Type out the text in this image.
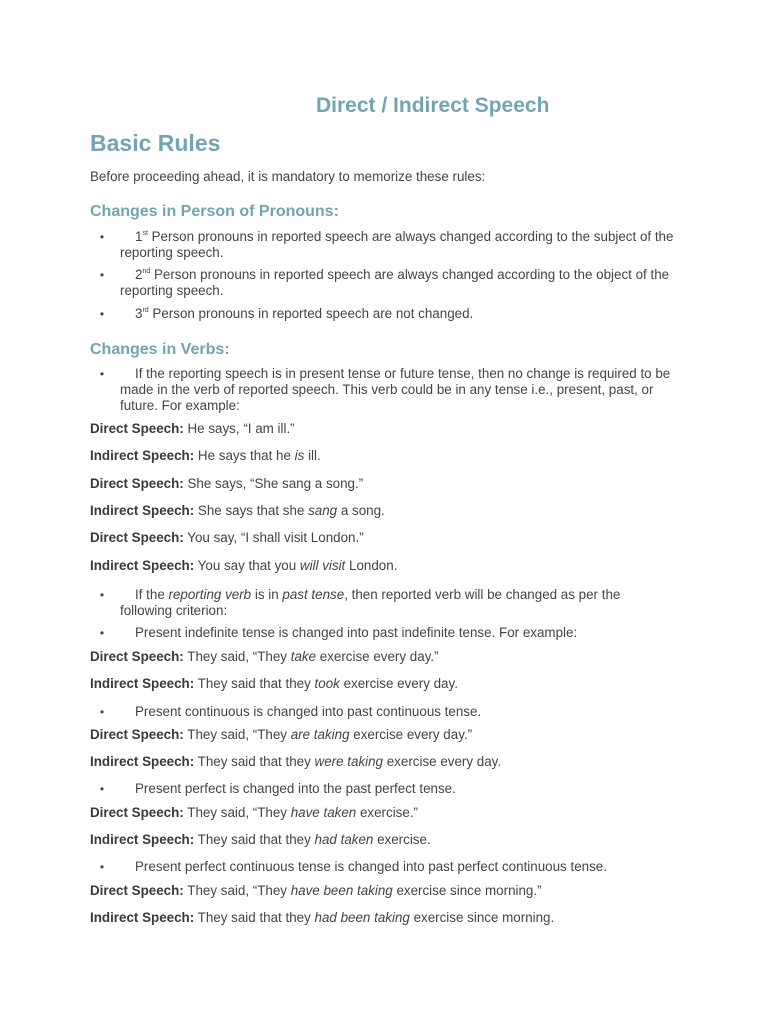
Direct / Indirect Speech
Basic Rules
Before proceeding ahead, it is mandatory to memorize these rules:
Changes in Person of Pronouns:
• 1st Person pronouns in reported speech are always changed according to the subject of the reporting speech.
• 2nd Person pronouns in reported speech are always changed according to the object of the reporting speech.
• 3rd Person pronouns in reported speech are not changed.
Changes in Verbs:
• If the reporting speech is in present tense or future tense, then no change is required to be made in the verb of reported speech. This verb could be in any tense i.e., present, past, or future. For example:
Direct Speech: He says, “I am ill.”
Indirect Speech: He says that he is ill.
Direct Speech: She says, “She sang a song.”
Indirect Speech: She says that she sang a song.
Direct Speech: You say, “I shall visit London.”
Indirect Speech: You say that you will visit London.
• If the reporting verb is in past tense, then reported verb will be changed as per the following criterion:
• Present indefinite tense is changed into past indefinite tense. For example:
Direct Speech: They said, “They take exercise every day.”
Indirect Speech: They said that they took exercise every day.
• Present continuous is changed into past continuous tense.
Direct Speech: They said, “They are taking exercise every day.”
Indirect Speech: They said that they were taking exercise every day.
• Present perfect is changed into the past perfect tense.
Direct Speech: They said, “They have taken exercise.”
Indirect Speech: They said that they had taken exercise.
• Present perfect continuous tense is changed into past perfect continuous tense.
Direct Speech: They said, “They have been taking exercise since morning.”
Indirect Speech: They said that they had been taking exercise since morning.
